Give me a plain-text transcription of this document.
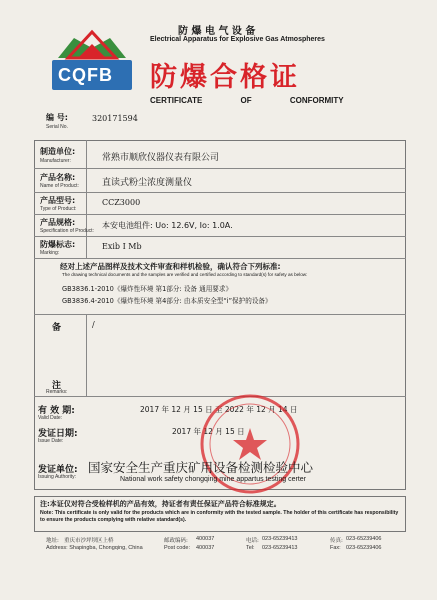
CQFB
防 爆 电 气 设 备
Electrical Apparatus for Explosive Gas Atmospheres
防爆合格证
CERTIFICATE OF CONFORMITY
编 号:
Serial No.
320171594
制造单位:
Manufacturer:	常熟市顺欣仪器仪表有限公司
产品名称:
Name of Product:	直读式粉尘浓度测量仪
产品型号:
Type of Product:
CCZ3000
产品规格:
Specification of Product:
本安电池组件: Uo: 12.6V, Io: 1.0A.
防爆标志:
Marking:
Exib I Mb
经对上述产品图样及技术文件审查和样机检验，确认符合下列标准:
The drawing technical documents and the samples are verified and certified according to standard(s) for safety as below:
GB3836.1-2010《爆炸性环境 第1部分: 设备 通用要求》
GB3836.4-2010《爆炸性环境 第4部分: 由本质安全型“i”保护的设备》
备
注
Remarks:
/
有 效 期:
Valid Date:
2017 年 12 月 15 日 至 2022 年 12 月 14 日
发证日期:
Issue Date:
2017 年 12 月 15 日
发证单位:
Issuing Authority:
国家安全生产重庆矿用设备检测检验中心
National work safety chongqing mine appartus testing certer
注:本证仅对符合受检样机的产品有效，持证者有责任保证产品符合标准规定。
Note: This certificate is only valid for the products which are in conformity with the tested sample. The holder of this certificate has responsibility to ensure the products complying with relative standard(s).
地址: 重庆市沙坪坝区上桥
Address: Shapingba, Chongqing, China
邮政编码:
Post code:
400037
400037
电话:
Tel:
023-65239413
023-65239413
传真:
Fax:
023-65239406
023-65239406
